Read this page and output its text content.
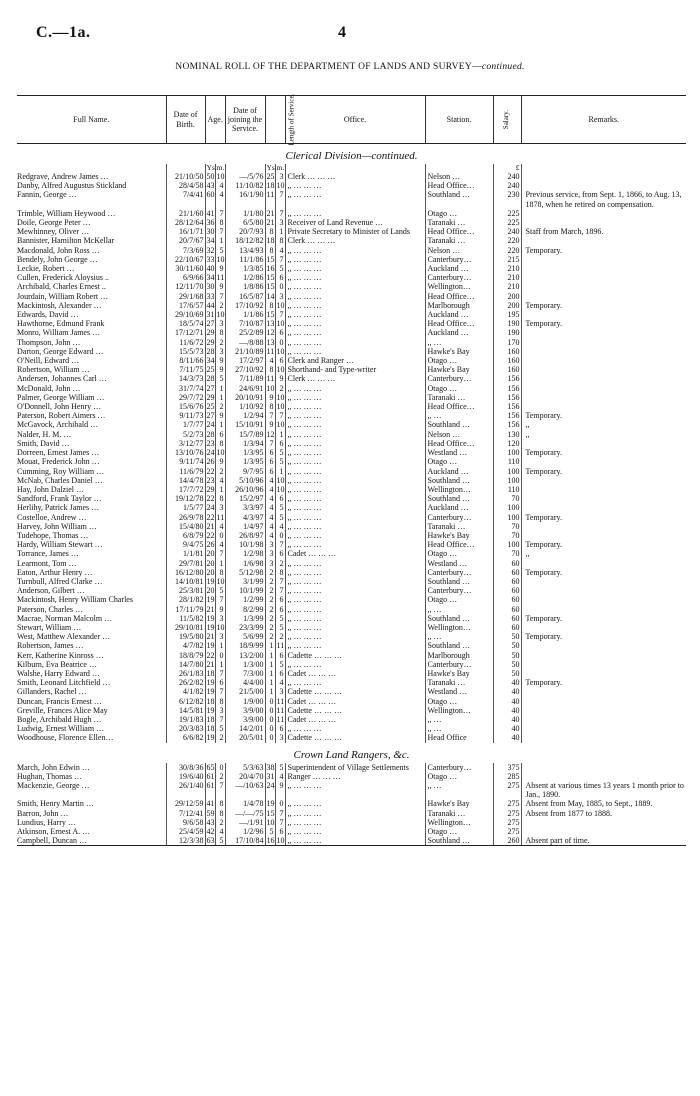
C.—1a.	4
NOMINAL ROLL OF THE DEPARTMENT OF LANDS AND SURVEY—continued.
Full Name.	Date of Birth.	Age.		Date of joining the Service.	Length of Service.		Office.	Station.	Salary.	Remarks.
Clerical Division—continued.										
		Ys.	m.		Ys.	m.			£	
Redgrave, Andrew James …	21/10/50	50	10	—/5/76	25	3	Clerk … … …	Nelson …	240	
Danby, Alfred Augustus Stickland	28/4/58	43	4	11/10/82	18	10	,, … … …	Head Office…	240	
Fannin, George …	7/4/41	60	4	16/1/90	11	7	,, … … …	Southland …	230	Previous service, from Sept. 1, 1866, to Aug. 13, 1878, when he retired on compensation.
Trimble, William Heywood …	21/1/60	41	7	1/1/80	21	7	,, … … …	Otago …	225	
Doile, George Peter …	28/12/64	36	8	6/5/80	21	3	Receiver of Land Revenue …	Taranaki …	225	
Mewhinney, Oliver …	16/1/71	30	7	20/7/93	8	1	Private Secretary to Minister of Lands	Head Office…	240	Staff from March, 1896.
Bannister, Hamilton McKellar	20/7/67	34	1	18/12/82	18	8	Clerk … … …	Taranaki …	220	
Macdonald, John Ross …	7/3/69	32	5	13/4/93	8	4	,, … … …	Nelson …	220	Temporary.
Bendely, John George …	22/10/67	33	10	11/1/86	15	7	,, … … …	Canterbury…	215	
Leckie, Robert …	30/11/60	40	9	1/3/85	16	5	,, … … …	Auckland …	210	
Cullen, Frederick Aloysius ..	6/9/66	34	11	1/2/86	15	6	,, … … …	Canterbury…	210	
Archibald, Charles Ernest ..	12/11/70	30	9	1/8/86	15	0	,, … … …	Wellington…	210	
Jourdain, William Robert …	29/1/68	33	7	16/5/87	14	3	,, … … …	Head Office…	200	
Mackintosh, Alexander …	17/6/57	44	2	17/10/92	8	10	,, … … …	Marlborough	200	Temporary.
Edwards, David …	29/10/69	31	10	1/1/86	15	7	,, … … …	Auckland …	195	
Hawthorne, Edmund Frank	18/5/74	27	3	7/10/87	13	10	,, … … …	Head Office…	190	Temporary.
Monro, William James …	17/12/71	29	8	25/2/89	12	6	,, … … …	Auckland …	190	
Thompson, John …	11/6/72	29	2	—/8/88	13	0	,, … … …	,, …	170	
Darton, George Edward …	15/5/73	28	3	21/10/89	11	10	,, … … …	Hawke's Bay	160	
O'Neill, Edward …	8/11/66	34	9	17/2/97	4	6	Clerk and Ranger …	Otago …	160	
Robertson, William …	7/11/75	25	9	27/10/92	8	10	Shorthand- and Type-writer	Hawke's Bay	160	
Andersen, Johannes Carl …	14/3/73	28	5	7/11/89	11	9	Clerk … … …	Canterbury…	156	
McDonald, John …	31/7/74	27	1	24/6/91	10	2	,, … … …	Otago …	156	
Palmer, George William …	29/7/72	29	1	20/10/91	9	10	,, … … …	Taranaki …	156	
O'Donnell, John Henry …	15/6/76	25	2	1/10/92	8	10	,, … … …	Head Office…	156	
Paterson, Robert Aimers …	9/11/73	27	9	1/2/94	7	7	,, … … …	,, …	156	Temporary.
McGavock, Archibald …	1/7/77	24	1	15/10/91	9	10	,, … … …	Southland …	156	,,
Nalder, H. M. …	5/2/73	28	6	15/7/89	12	1	,, … … …	Nelson …	130	,,
Smith, David …	3/12/77	23	8	1/3/94	7	6	,, … … …	Head Office…	120	
Dorreen, Ernest James …	13/10/76	24	10	1/3/95	6	5	,, … … …	Westland …	100	Temporary.
Mouat, Frederick John …	9/11/74	26	9	1/3/95	6	5	,, … … …	Otago …	110	
Cumming, Roy William …	11/6/79	22	2	9/7/95	6	1	,, … … …	Auckland …	100	Temporary.
McNab, Charles Daniel …	14/4/78	23	4	5/10/96	4	10	,, … … …	Southland …	100	
Hay, John Dalziel …	17/7/72	29	1	26/10/96	4	10	,, … … …	Wellington…	110	
Sandford, Frank Taylor …	19/12/78	22	8	15/2/97	4	6	,, … … …	Southland …	70	
Herlihy, Patrick James …	1/5/77	24	3	3/3/97	4	5	,, … … …	Auckland …	100	
Costelloe, Andrew …	26/9/78	22	11	4/3/97	4	5	,, … … …	Canterbury…	100	Temporary.
Harvey, John William …	15/4/80	21	4	1/4/97	4	4	,, … … …	Taranaki …	70	
Tudehope, Thomas …	6/8/79	22	0	26/8/97	4	0	,, … … …	Hawke's Bay	70	
Hardy, William Stewart …	9/4/75	26	4	10/1/98	3	7	,, … … …	Head Office…	100	Temporary.
Torrance, James …	1/1/81	20	7	1/2/98	3	6	Cadet … … …	Otago …	70	,,
Learmont, Tom …	29/7/81	20	1	1/6/98	3	2	,, … … …	Westland …	60	
Eaton, Arthur Henry …	16/12/80	20	8	5/12/98	2	8	,, … … …	Canterbury…	60	Temporary.
Turnbull, Alfred Clarke …	14/10/81	19	10	3/1/99	2	7	,, … … …	Southland …	60	
Anderson, Gilbert …	25/3/81	20	5	10/1/99	2	7	,, … … …	Canterbury…	60	
Mackintosh, Henry William Charles	28/1/82	19	7	1/2/99	2	6	,, … … …	Otago …	60	
Paterson, Charles …	17/11/79	21	9	8/2/99	2	6	,, … … …	,, …	60	
Macrae, Norman Malcolm …	11/5/82	19	3	1/3/99	2	5	,, … … …	Southland …	60	Temporary.
Stewart, William …	29/10/81	19	10	23/3/99	2	5	,, … … …	Wellington…	60	
West, Matthew Alexander …	19/5/80	21	3	5/6/99	2	2	,, … … …	,, …	50	Temporary.
Robertson, James …	4/7/82	19	1	18/9/99	1	11	,, … … …	Southland …	50	
Kerr, Katherine Kinross …	18/8/79	22	0	13/2/00	1	6	Cadette … … …	Marlborough	50	
Kilburn, Eva Beatrice …	14/7/80	21	1	1/3/00	1	5	,, … … …	Canterbury…	50	
Walshe, Harry Edward …	26/1/83	18	7	7/3/00	1	6	Cadet … … …	Hawke's Bay	50	
Smith, Leonard Litchfield …	26/2/82	19	6	4/4/00	1	4	,, … … …	Taranaki …	40	Temporary.
Gillanders, Rachel …	4/1/82	19	7	21/5/00	1	3	Cadette … … …	Westland …	40	
Duncan, Francis Ernest …	6/12/82	18	8	1/9/00	0	11	Cadet … … …	Otago …	40	
Greville, Frances Alice May	14/5/81	19	3	3/9/00	0	11	Cadette … … …	Wellington…	40	
Bogle, Archibald Hugh …	19/1/83	18	7	3/9/00	0	11	Cadet … … …	,, …	40	
Ludwig, Ernest William …	20/3/83	18	5	14/2/01	0	6	,, … … …	,, …	40	
Woodhouse, Florence Ellen…	6/6/82	19	2	20/5/01	0	3	Cadette … … …	Head Office	40	
Crown Land Rangers, &c.										
March, John Edwin …	30/8/36	65	0	5/3/63	38	5	Superintendent of Village Settlements	Canterbury…	375	
Hughan, Thomas …	19/6/40	61	2	20/4/70	31	4	Ranger … … …	Otago …	285	
Mackenzie, George …	26/1/40	61	7	—/10/63	24	9	,, … … …	,, …	275	Absent at various times 13 years 1 month prior to Jan., 1890.
Smith, Henry Martin …	29/12/59	41	8	1/4/78	19	0	,, … … …	Hawke's Bay	275	Absent from May, 1885, to Sept., 1889.
Barron, John …	7/12/41	59	8	—/—/75	15	7	,, … … …	Taranaki …	275	Absent from 1877 to 1888.
Lundius, Harry …	9/6/58	43	2	—/1/91	10	7	,, … … …	Wellington…	275	
Atkinson, Ernest A. …	25/4/59	42	4	1/2/96	5	6	,, … … …	Otago …	275	
Campbell, Duncan …	12/3/38	63	5	17/10/84	16	10	,, … … …	Southland …	260	Absent part of time.
